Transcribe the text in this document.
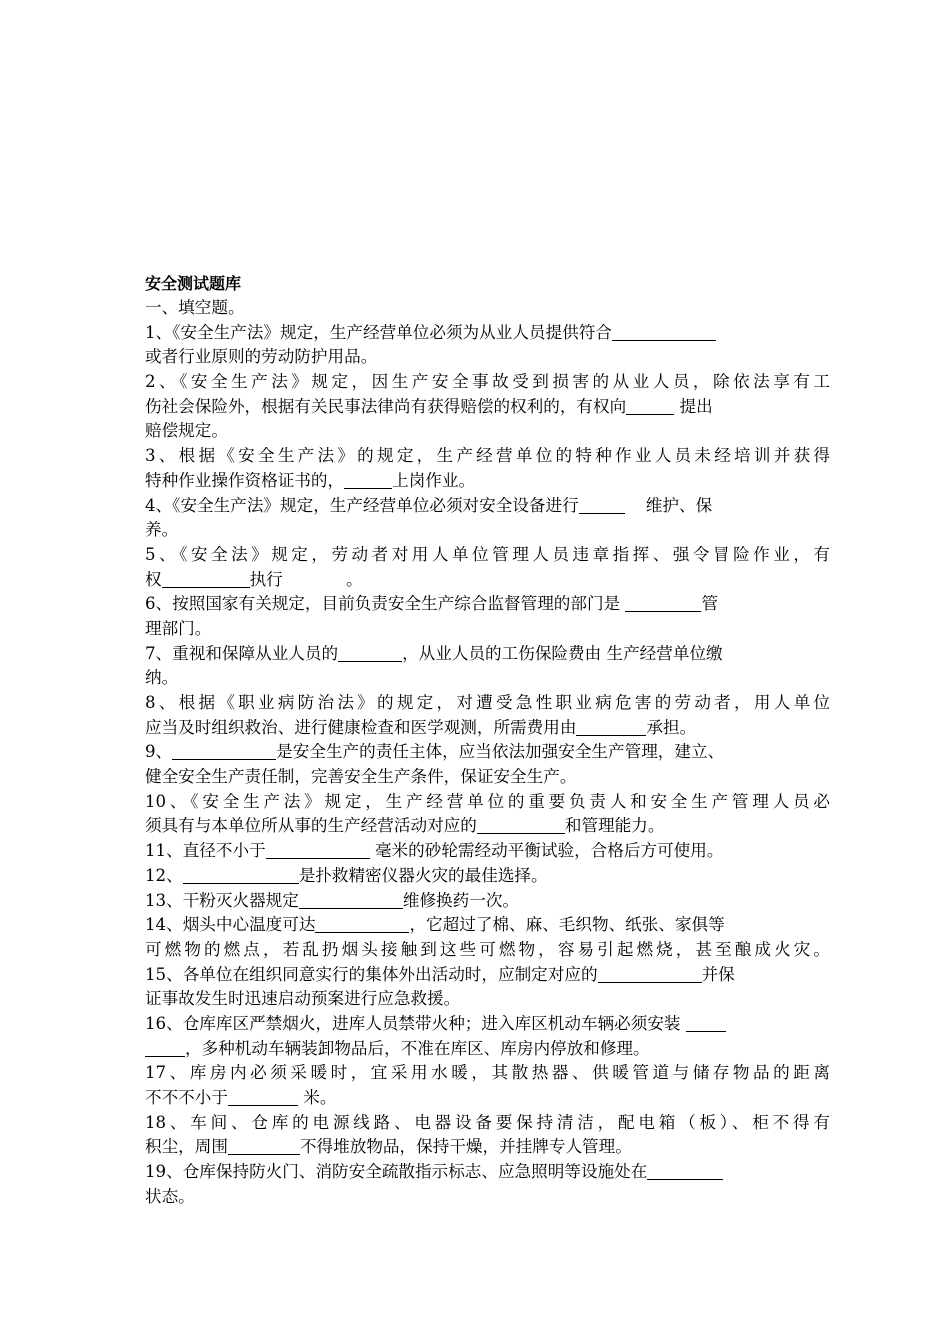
安全测试题库
一、填空题。
1、《安全生产法》规定，生产经营单位必须为从业人员提供符合
或者行业原则的劳动防护用品。
2、《安全生产法》规定，因生产安全事故受到损害的从业人员，除依法享有工
伤社会保险外，根据有关民事法律尚有获得赔偿的权利的，有权向	提出
赔偿规定。
3、根据《安全生产法》的规定，生产经营单位的特种作业人员未经培训并获得
特种作业操作资格证书的，	上岗作业。
4、《安全生产法》规定，生产经营单位必须对安全设备进行	维护、保
养。
5、《安全法》规定，劳动者对用人单位管理人员违章指挥、强令冒险作业，有
权	执行            。
6、按照国家有关规定，目前负责安全生产综合监督管理的部门是	管
理部门。
7、重视和保障从业人员的	，从业人员的工伤保险费由 生产经营单位缴
纳。
8、根据《职业病防治法》的规定，对遭受急性职业病危害的劳动者，用人单位
应当及时组织救治、进行健康检查和医学观测，所需费用由	承担。
9、	是安全生产的责任主体，应当依法加强安全生产管理，建立、
健全安全生产责任制，完善安全生产条件，保证安全生产。
10、《安全生产法》规定，生产经营单位的重要负责人和安全生产管理人员必
须具有与本单位所从事的生产经营活动对应的	和管理能力。
11、直径不小于	毫米的砂轮需经动平衡试验，合格后方可使用。
12、	是扑救精密仪器火灾的最佳选择。
13、干粉灭火器规定	维修换药一次。
14、烟头中心温度可达	，它超过了棉、麻、毛织物、纸张、家俱等
可燃物的燃点，若乱扔烟头接触到这些可燃物，容易引起燃烧，甚至酿成火灾。
15、各单位在组织同意实行的集体外出活动时，应制定对应的	并保
证事故发生时迅速启动预案进行应急救援。
16、仓库库区严禁烟火，进库人员禁带火种；进入库区机动车辆必须安装
，多种机动车辆装卸物品后，不准在库区、库房内停放和修理。
17、库房内必须采暖时，宜采用水暖，其散热器、供暖管道与储存物品的距离
不不不小于	米。
18、车间、仓库的电源线路、电器设备要保持清洁，配电箱（板）、柜不得有
积尘，周围	不得堆放物品，保持干燥，并挂牌专人管理。
19、仓库保持防火门、消防安全疏散指示标志、应急照明等设施处在
状态。
